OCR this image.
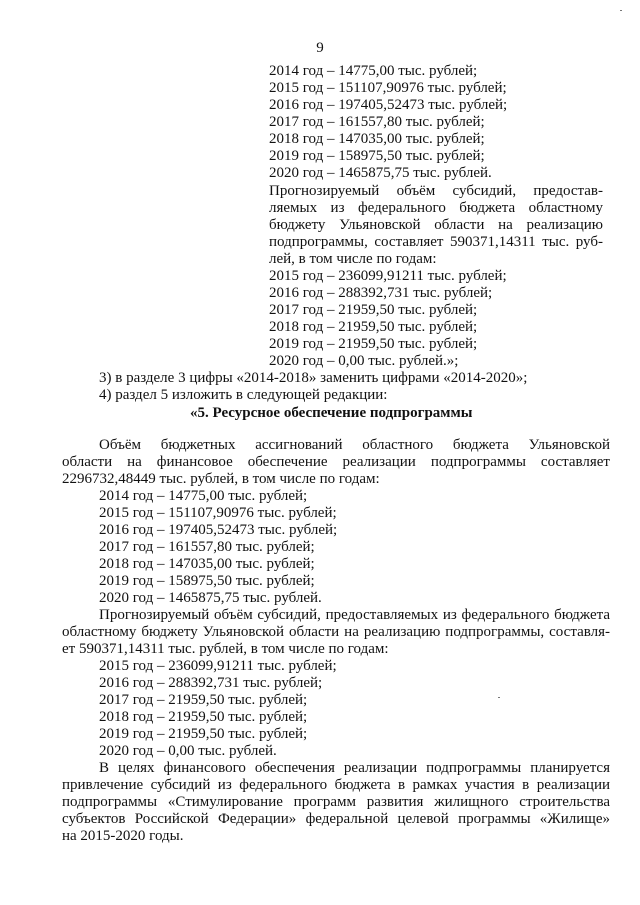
9
2014 год – 14775,00 тыс. рублей;
2015 год – 151107,90976 тыс. рублей;
2016 год – 197405,52473 тыс. рублей;
2017 год – 161557,80 тыс. рублей;
2018 год – 147035,00 тыс. рублей;
2019 год – 158975,50 тыс. рублей;
2020 год – 1465875,75 тыс. рублей.
Прогнозируемый объём субсидий, предостав-
ляемых из федерального бюджета областному
бюджету Ульяновской области на реализацию
подпрограммы, составляет 590371,14311 тыс. руб-
лей, в том числе по годам:
2015 год – 236099,91211 тыс. рублей;
2016 год – 288392,731 тыс. рублей;
2017 год – 21959,50 тыс. рублей;
2018 год – 21959,50 тыс. рублей;
2019 год – 21959,50 тыс. рублей;
2020 год – 0,00 тыс. рублей.»;
3) в разделе 3 цифры «2014-2018» заменить цифрами «2014-2020»;
4) раздел 5 изложить в следующей редакции:
«5. Ресурсное обеспечение подпрограммы
Объём бюджетных ассигнований областного бюджета Ульяновской
области на финансовое обеспечение реализации подпрограммы составляет
2296732,48449 тыс. рублей, в том числе по годам:
2014 год – 14775,00 тыс. рублей;
2015 год – 151107,90976 тыс. рублей;
2016 год – 197405,52473 тыс. рублей;
2017 год – 161557,80 тыс. рублей;
2018 год – 147035,00 тыс. рублей;
2019 год – 158975,50 тыс. рублей;
2020 год – 1465875,75 тыс. рублей.
Прогнозируемый объём субсидий, предоставляемых из федерального бюджета
областному бюджету Ульяновской области на реализацию подпрограммы, составля-
ет 590371,14311 тыс. рублей, в том числе по годам:
2015 год – 236099,91211 тыс. рублей;
2016 год – 288392,731 тыс. рублей;
2017 год – 21959,50 тыс. рублей;
2018 год – 21959,50 тыс. рублей;
2019 год – 21959,50 тыс. рублей;
2020 год – 0,00 тыс. рублей.
В целях финансового обеспечения реализации подпрограммы планируется
привлечение субсидий из федерального бюджета в рамках участия в реализации
подпрограммы «Стимулирование программ развития жилищного строительства
субъектов Российской Федерации» федеральной целевой программы «Жилище»
на 2015-2020 годы.
